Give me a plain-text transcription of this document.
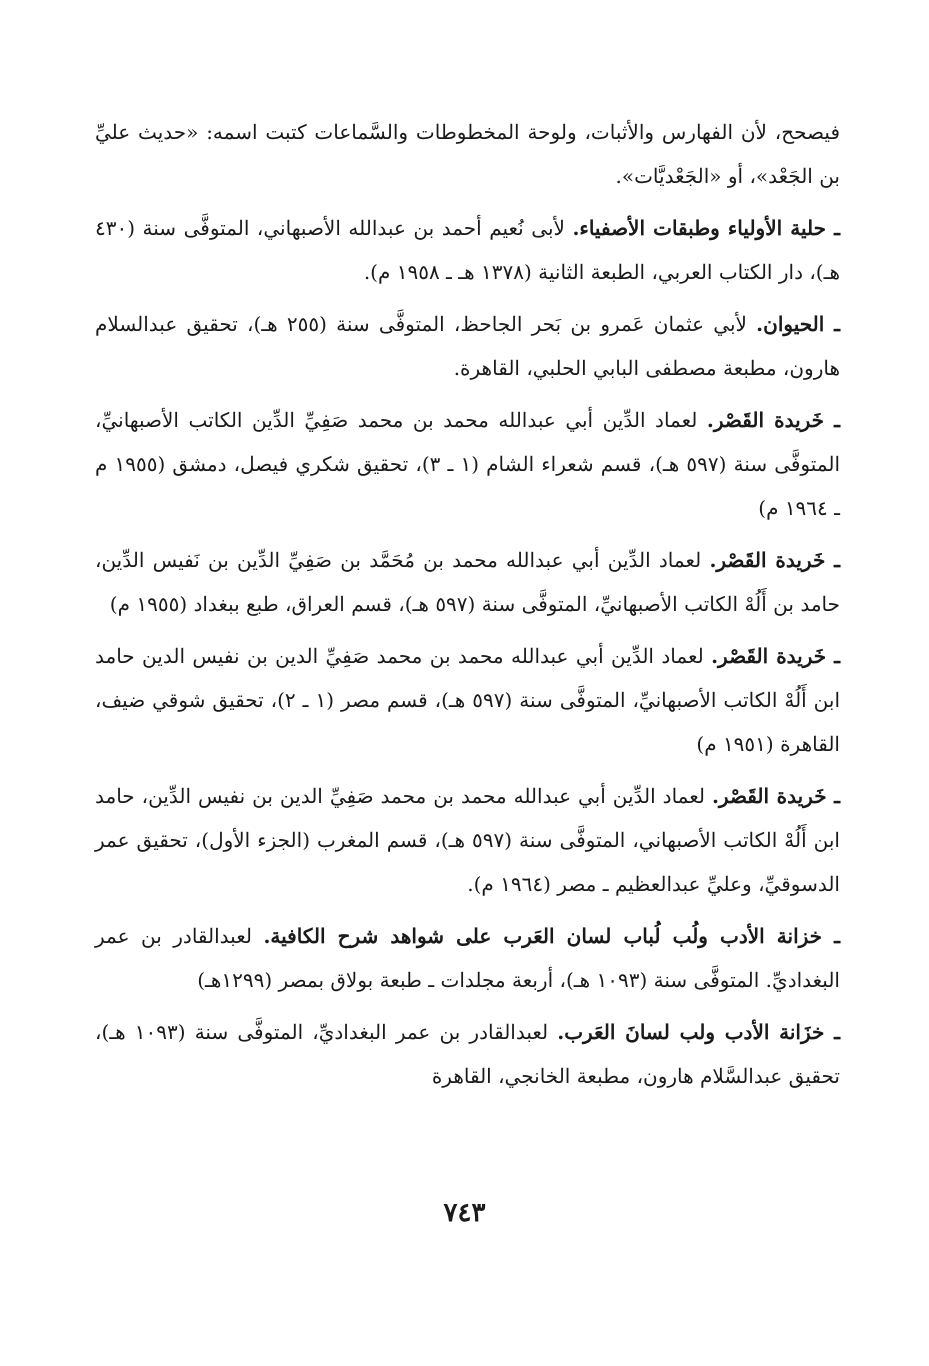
فيصحح، لأن الفهارس والأثبات، ولوحة المخطوطات والسَّماعات كتبت اسمه: «حديث عليِّ بن الجَعْد»، أو «الجَعْديَّات».

ـ حلية الأولياء وطبقات الأصفياء. لأبى نُعيم أحمد بن عبدالله الأصبهاني، المتوفَّى سنة (٤٣٠ هـ)، دار الكتاب العربي، الطبعة الثانية (١٣٧٨ هـ ـ ١٩٥٨ م).

ـ الحيوان. لأبي عثمان عَمرو بن بَحر الجاحظ، المتوفَّى سنة (٢٥٥ هـ)، تحقيق عبدالسلام هارون، مطبعة مصطفى البابي الحلبي، القاهرة.

ـ خَريدة القَصْر. لعماد الدِّين أبي عبدالله محمد بن محمد صَفِيِّ الدِّين الكاتب الأصبهانيِّ، المتوفَّى سنة (٥٩٧ هـ)، قسم شعراء الشام (١ ـ ٣)، تحقيق شكري فيصل، دمشق (١٩٥٥ م ـ ١٩٦٤ م)

ـ خَريدة القَصْر. لعماد الدِّين أبي عبدالله محمد بن مُحَمَّد بن صَفِيِّ الدِّين بن نَفيس الدِّين، حامد بن أَلُهْ الكاتب الأصبهانيِّ، المتوفَّى سنة (٥٩٧ هـ)، قسم العراق، طبع ببغداد (١٩٥٥ م)

ـ خَريدة القَصْر. لعماد الدِّين أبي عبدالله محمد بن محمد صَفِيِّ الدين بن نفيس الدين حامد ابن أَلُهْ الكاتب الأصبهانيِّ، المتوفَّى سنة (٥٩٧ هـ)، قسم مصر (١ ـ ٢)، تحقيق شوقي ضيف، القاهرة (١٩٥١ م)

ـ خَريدة القَصْر. لعماد الدِّين أبي عبدالله محمد بن محمد صَفِيِّ الدين بن نفيس الدِّين، حامد ابن أَلُهْ الكاتب الأصبهاني، المتوفَّى سنة (٥٩٧ هـ)، قسم المغرب (الجزء الأول)، تحقيق عمر الدسوقيِّ، وعليِّ عبدالعظيم ـ مصر (١٩٦٤ م).

ـ خزانة الأدب ولُب لُباب لسان العَرب على شواهد شرح الكافية. لعبدالقادر بن عمر البغداديِّ. المتوفَّى سنة (١٠٩٣ هـ)، أربعة مجلدات ـ طبعة بولاق بمصر (١٢٩٩هـ)

ـ خزَانة الأدب ولب لسانَ العَرب. لعبدالقادر بن عمر البغداديِّ، المتوفَّى سنة (١٠٩٣ هـ)، تحقيق عبدالسَّلام هارون، مطبعة الخانجي، القاهرة

٧٤٣
